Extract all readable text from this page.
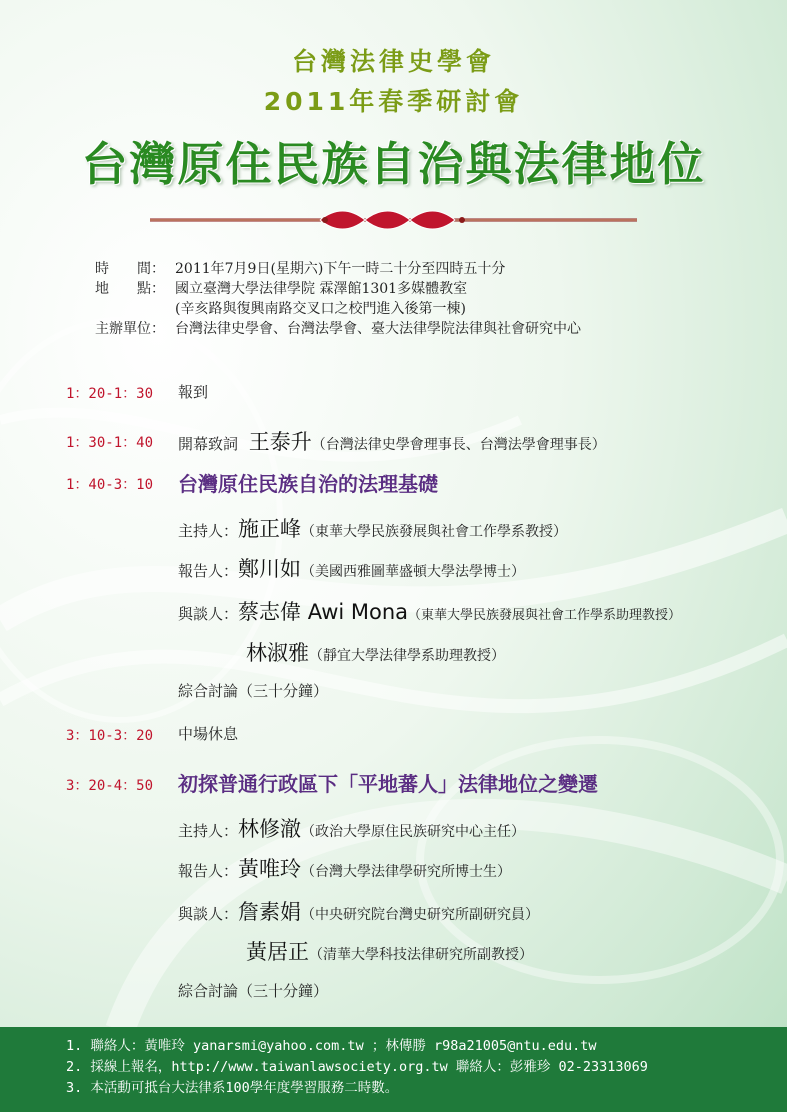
台灣法律史學會
2011年春季研討會
台灣原住民族自治與法律地位
時　　間： 2011年7月9日(星期六)下午一時二十分至四時五十分
地　　點： 國立臺灣大學法律學院 霖澤館1301多媒體教室
(辛亥路與復興南路交叉口之校門進入後第一棟)
主辦單位： 台灣法律史學會、台灣法學會、臺大法律學院法律與社會研究中心
1：20-1：30 報到
1：30-1：40 開幕致詞 王泰升（台灣法律史學會理事長、台灣法學會理事長）
1：40-3：10 台灣原住民族自治的法理基礎
主持人：施正峰（東華大學民族發展與社會工作學系教授）
報告人：鄭川如（美國西雅圖華盛頓大學法學博士）
與談人：蔡志偉 Awi Mona（東華大學民族發展與社會工作學系助理教授）
林淑雅（靜宜大學法律學系助理教授）
綜合討論（三十分鐘）
3：10-3：20 中場休息
3：20-4：50 初探普通行政區下「平地蕃人」法律地位之變遷
主持人：林修澈（政治大學原住民族研究中心主任）
報告人：黃唯玲（台灣大學法律學研究所博士生）
與談人：詹素娟（中央研究院台灣史研究所副研究員）
黃居正（清華大學科技法律研究所副教授）
綜合討論（三十分鐘）
1. 聯絡人：黃唯玲 yanarsmi@yahoo.com.tw ；林傳勝 r98a21005@ntu.edu.tw
2. 採線上報名，http://www.taiwanlawsociety.org.tw 聯絡人：彭雅珍 02-23313069
3. 本活動可抵台大法律系100學年度學習服務二時數。
